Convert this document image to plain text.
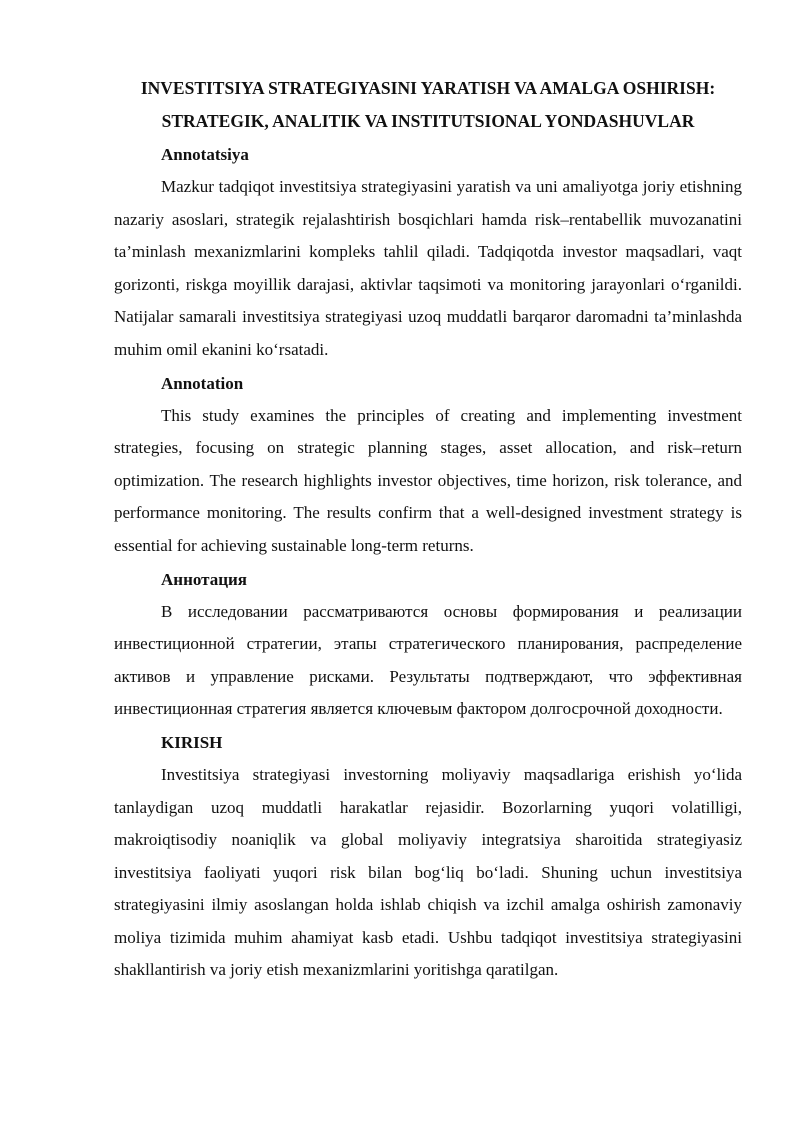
INVESTITSIYA STRATEGIYASINI YARATISH VA AMALGA OSHIRISH: STRATEGIK, ANALITIK VA INSTITUTSIONAL YONDASHUVLAR

Annotatsiya

Mazkur tadqiqot investitsiya strategiyasini yaratish va uni amaliyotga joriy etishning nazariy asoslari, strategik rejalashtirish bosqichlari hamda risk–rentabellik muvozanatini ta’minlash mexanizmlarini kompleks tahlil qiladi. Tadqiqotda investor maqsadlari, vaqt gorizonti, riskga moyillik darajasi, aktivlar taqsimoti va monitoring jarayonlari o‘rganildi. Natijalar samarali investitsiya strategiyasi uzoq muddatli barqaror daromadni ta’minlashda muhim omil ekanini ko‘rsatadi.

Annotation

This study examines the principles of creating and implementing investment strategies, focusing on strategic planning stages, asset allocation, and risk–return optimization. The research highlights investor objectives, time horizon, risk tolerance, and performance monitoring. The results confirm that a well-designed investment strategy is essential for achieving sustainable long-term returns.

Аннотация

В исследовании рассматриваются основы формирования и реализации инвестиционной стратегии, этапы стратегического планирования, распределение активов и управление рисками. Результаты подтверждают, что эффективная инвестиционная стратегия является ключевым фактором долгосрочной доходности.

KIRISH

Investitsiya strategiyasi investorning moliyaviy maqsadlariga erishish yo‘lida tanlaydigan uzoq muddatli harakatlar rejasidir. Bozorlarning yuqori volatilligi, makroiqtisodiy noaniqlik va global moliyaviy integratsiya sharoitida strategiyasiz investitsiya faoliyati yuqori risk bilan bog‘liq bo‘ladi. Shuning uchun investitsiya strategiyasini ilmiy asoslangan holda ishlab chiqish va izchil amalga oshirish zamonaviy moliya tizimida muhim ahamiyat kasb etadi. Ushbu tadqiqot investitsiya strategiyasini shakllantirish va joriy etish mexanizmlarini yoritishga qaratilgan.
